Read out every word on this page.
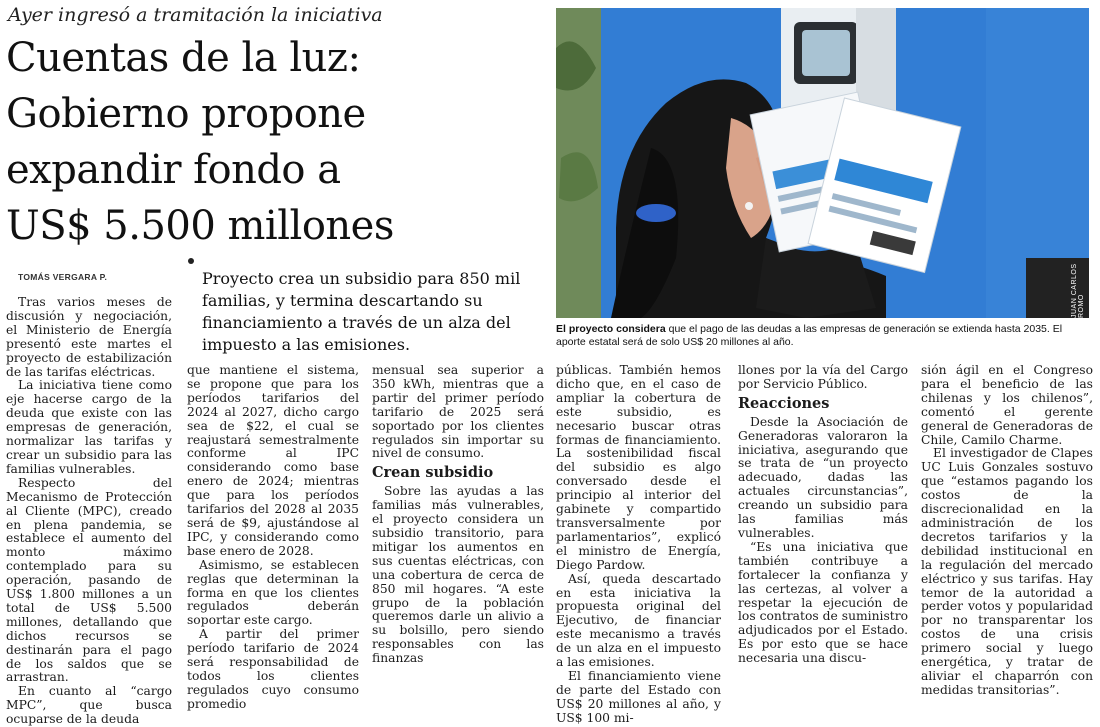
Ayer ingresó a tramitación la iniciativa
Cuentas de la luz:
Gobierno propone
expandir fondo a
US$ 5.500 millones
TOMÁS VERGARA P.	Proyecto crea un subsidio para 850 mil familias, y termina descartando su financiamiento a través de un alza del impuesto a las emisiones.
JUAN CARLOS ROMO
El proyecto considera que el pago de las deudas a las empresas de generación se extienda hasta 2035. El aporte estatal será de solo US$ 20 millones al año.

Tras varios meses de discusión y negociación, el Ministerio de Energía presentó este martes el proyecto de estabilización de las tarifas eléctricas.

La iniciativa tiene como eje hacerse cargo de la deuda que existe con las empresas de generación, normalizar las tarifas y crear un subsidio para las familias vulnerables.

Respecto del Mecanismo de Protección al Cliente (MPC), creado en plena pandemia, se establece el aumento del monto máximo contemplado para su operación, pasando de US$ 1.800 millones a un total de US$ 5.500 millones, detallando que dichos recursos se destinarán para el pago de los saldos que se arrastran.

En cuanto al “cargo MPC”, que busca ocuparse de la deuda

que mantiene el sistema, se propone que para los períodos tarifarios del 2024 al 2027, dicho cargo sea de $22, el cual se reajustará semestralmente conforme al IPC considerando como base enero de 2024; mientras que para los períodos tarifarios del 2028 al 2035 será de $9, ajustándose al IPC, y considerando como base enero de 2028.

Asimismo, se establecen reglas que determinan la forma en que los clientes regulados deberán soportar este cargo.

A partir del primer período tarifario de 2024 será responsabilidad de todos los clientes regulados cuyo consumo promedio

mensual sea superior a 350 kWh, mientras que a partir del primer período tarifario de 2025 será soportado por los clientes regulados sin importar su nivel de consumo.

Crean subsidio

Sobre las ayudas a las familias más vulnerables, el proyecto considera un subsidio transitorio, para mitigar los aumentos en sus cuentas eléctricas, con una cobertura de cerca de 850 mil hogares. “A este grupo de la población queremos darle un alivio a su bolsillo, pero siendo responsables con las finanzas

públicas. También hemos dicho que, en el caso de ampliar la cobertura de este subsidio, es necesario buscar otras formas de financiamiento. La sostenibilidad fiscal del subsidio es algo conversado desde el principio al interior del gabinete y compartido transversalmente por parlamentarios”, explicó el ministro de Energía, Diego Pardow.

Así, queda descartado en esta iniciativa la propuesta original del Ejecutivo, de financiar este mecanismo a través de un alza en el impuesto a las emisiones.

El financiamiento viene de parte del Estado con US$ 20 millones al año, y US$ 100 mi-

llones por la vía del Cargo por Servicio Público.

Reacciones

Desde la Asociación de Generadoras valoraron la iniciativa, asegurando que se trata de “un proyecto adecuado, dadas las actuales circunstancias”, creando un subsidio para las familias más vulnerables.

“Es una iniciativa que también contribuye a fortalecer la confianza y las certezas, al volver a respetar la ejecución de los contratos de suministro adjudicados por el Estado. Es por esto que se hace necesaria una discu-

sión ágil en el Congreso para el beneficio de las chilenas y los chilenos”, comentó el gerente general de Generadoras de Chile, Camilo Charme.

El investigador de Clapes UC Luis Gonzales sostuvo que “estamos pagando los costos de la discrecionalidad en la administración de los decretos tarifarios y la debilidad institucional en la regulación del mercado eléctrico y sus tarifas. Hay temor de la autoridad a perder votos y popularidad por no transparentar los costos de una crisis primero social y luego energética, y tratar de aliviar el chaparrón con medidas transitorias”.
